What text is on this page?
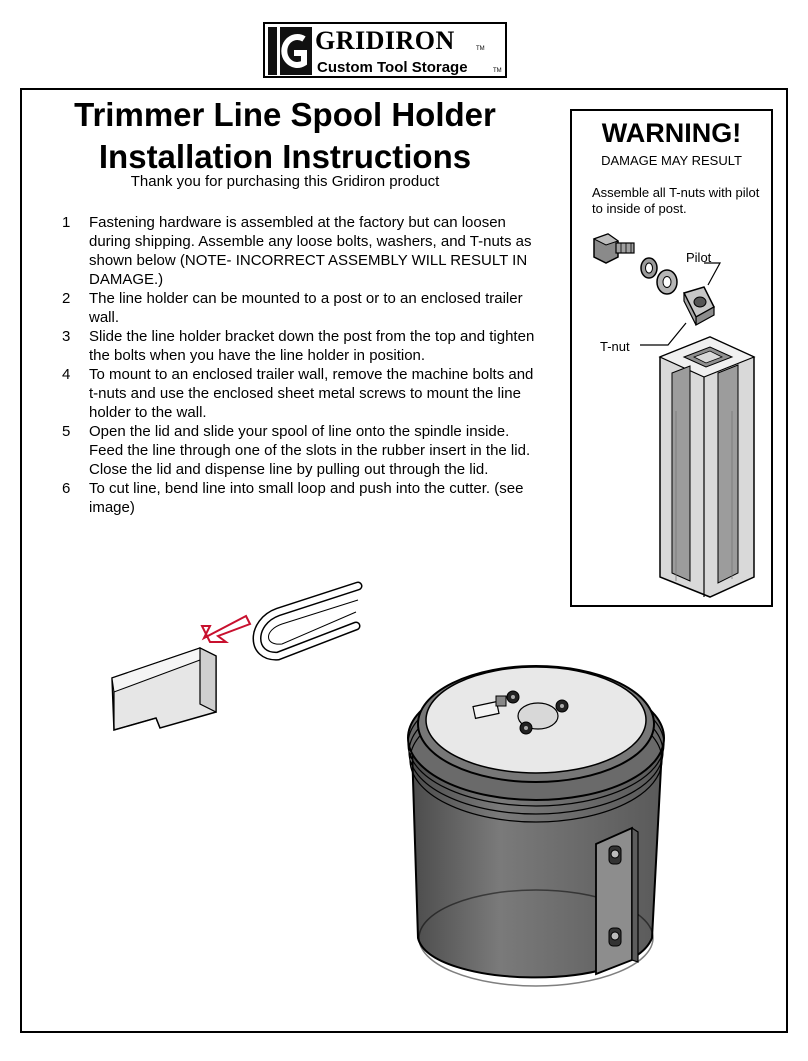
GRIDIRON	TM
Custom Tool Storage	TM
Trimmer Line Spool Holder
Installation Instructions
Thank you for purchasing this Gridiron product
1 Fastening hardware is assembled at the factory but can loosen during shipping. Assemble any loose bolts, washers, and T-nuts as shown below (NOTE- INCORRECT ASSEMBLY WILL RESULT IN DAMAGE.)
2 The line holder can be mounted to a post or to an enclosed trailer wall.
3 Slide the line holder bracket down the post from the top and tighten the bolts when you have the line holder in position.
4 To mount to an enclosed trailer wall, remove the machine bolts and t-nuts and use the enclosed sheet metal screws to mount the line holder to the wall.
5 Open the lid and slide your spool of line onto the spindle inside. Feed the line through one of the slots in the rubber insert in the lid. Close the lid and dispense line by pulling out through the lid.
6 To cut line, bend line into small loop and push into the cutter. (see image)
WARNING!
DAMAGE MAY RESULT
Assemble all T-nuts with pilot to inside of post.
Pilot
T-nut
